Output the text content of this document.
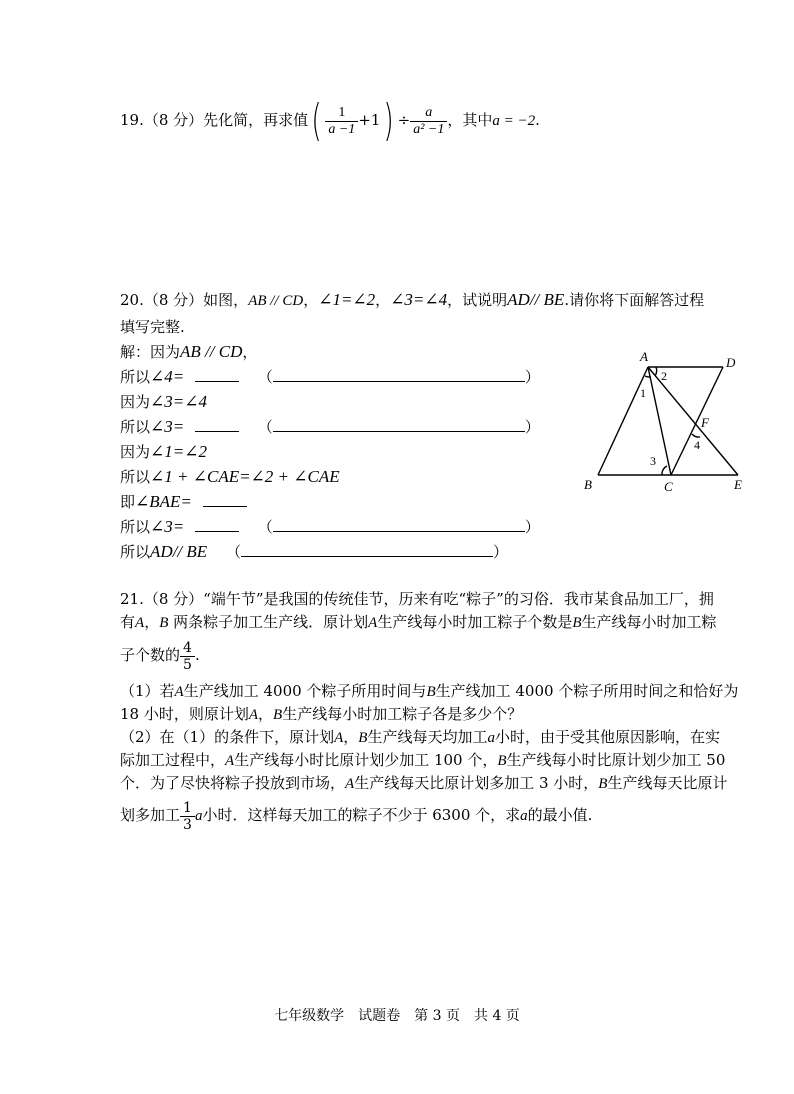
19.（8 分）先化简，再求值( $\frac{1}{a -1} +1) \div \frac{a}{\text{a² −1}}$ ，其中a = −2.
20.（8 分）如图，AB // CD，∠1=∠2，∠3=∠4，试说明AD// BE.请你将下面解答过程
填写完整.
解：因为AB // CD，
所以∠4=	（	）
因为∠3=∠4
所以∠3=	（	）
因为∠1=∠2
所以∠1 + ∠CAE=∠2 + ∠CAE
即∠BAE=
所以∠3=	（	）
所以AD// BE （	）
A	D
B	C	E
F
2
1
3
4
21.（8 分）“端午节”是我国的传统佳节，历来有吃“粽子”的习俗．我市某食品加工厂，拥
有A，B 两条粽子加工生产线．原计划A生产线每小时加工粽子个数是B生产线每小时加工粽
子个数的 $\frac{4}{5}$ .
（1）若A生产线加工 4000 个粽子所用时间与B生产线加工 4000 个粽子所用时间之和恰好为
18 小时，则原计划A，B生产线每小时加工粽子各是多少个？
（2）在（1）的条件下，原计划A，B生产线每天均加工a小时，由于受其他原因影响，在实
际加工过程中，A生产线每小时比原计划少加工 100 个，B生产线每小时比原计划少加工 50
个．为了尽快将粽子投放到市场，A生产线每天比原计划多加工 3 小时，B生产线每天比原计
划多加工 $\frac{1}{3}$ a小时．这样每天加工的粽子不少于 6300 个，求a的最小值.
七年级数学　试题卷　第 3 页　共 4 页
